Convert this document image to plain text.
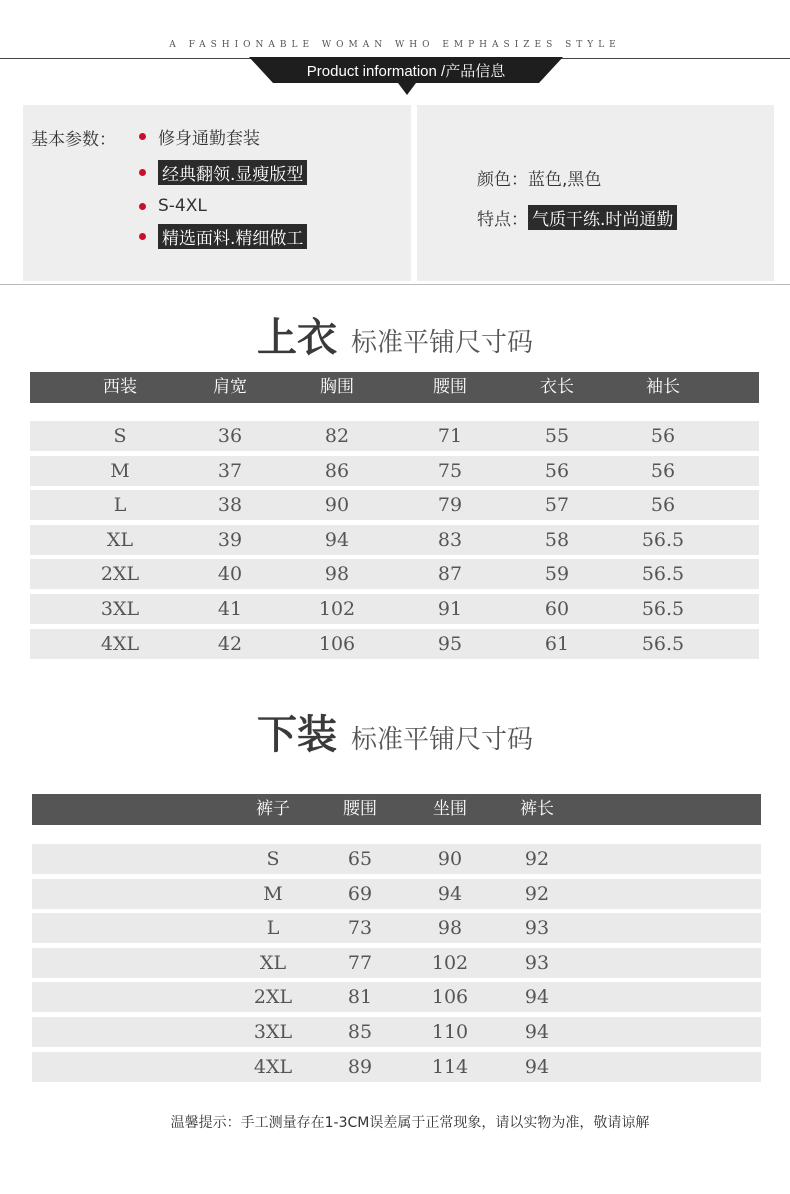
A FASHIONABLE WOMAN WHO EMPHASIZES STYLE
Product information /产品信息
基本参数： 修身通勤套装
经典翻领.显瘦版型
S-4XL
精选面料.精细做工
颜色： 蓝色,黑色
特点： 气质干练.时尚通勤
上衣 标准平铺尺寸码
西装	肩宽	胸围	腰围	衣长	袖长
S	36	82	71	55	56
M	37	86	75	56	56
L	38	90	79	57	56
XL	39	94	83	58	56.5
2XL	40	98	87	59	56.5
3XL	41	102	91	60	56.5
4XL	42	106	95	61	56.5
下装 标准平铺尺寸码
裤子	腰围	坐围	裤长
S	65	90	92
M	69	94	92
L	73	98	93
XL	77	102	93
2XL	81	106	94
3XL	85	110	94
4XL	89	114	94
温馨提示：手工测量存在1-3CM误差属于正常现象，请以实物为准，敬请谅解
